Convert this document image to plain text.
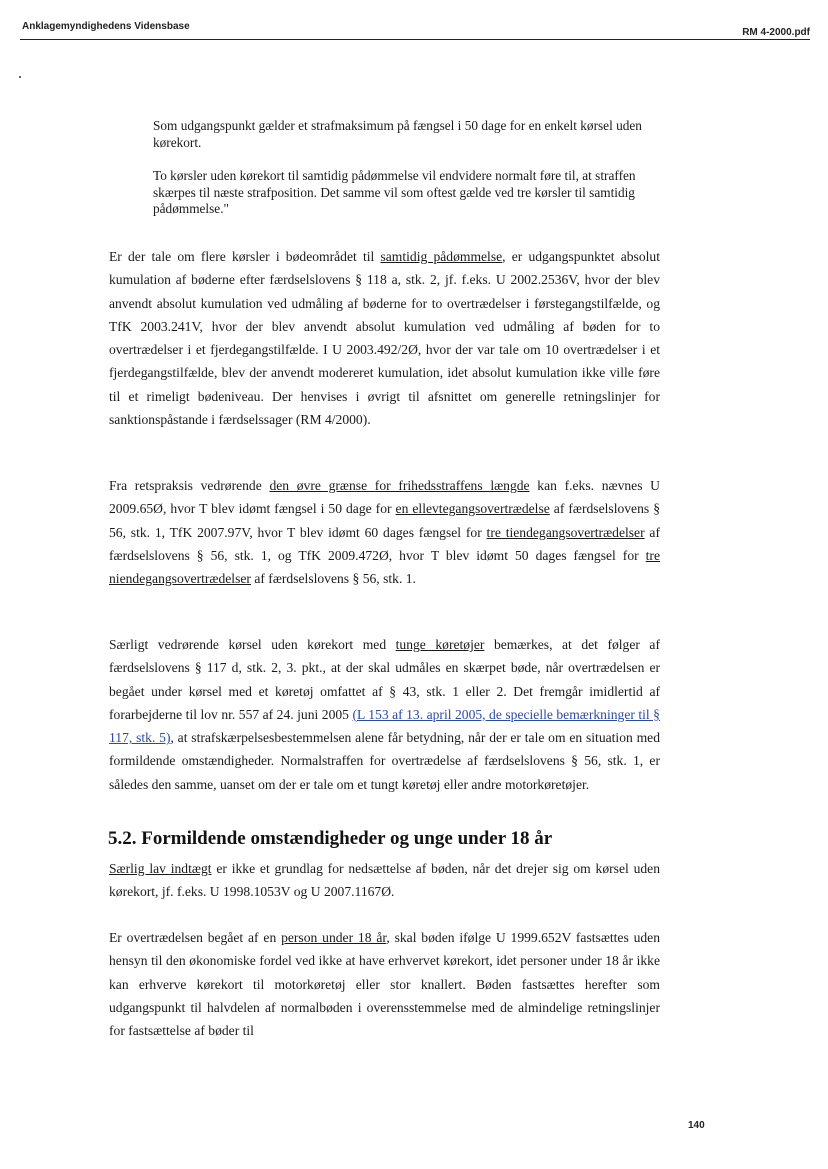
Anklagemyndighedens Vidensbase
RM 4-2000.pdf

Som udgangspunkt gælder et strafmaksimum på fængsel i 50 dage for en enkelt kørsel uden kørekort.

To kørsler uden kørekort til samtidig pådømmelse vil endvidere normalt føre til, at straffen skærpes til næste strafposition. Det samme vil som oftest gælde ved tre kørsler til samtidig pådømmelse."

Er der tale om flere kørsler i bødeområdet til samtidig pådømmelse, er udgangspunktet absolut kumulation af bøderne efter færdselslovens § 118 a, stk. 2, jf. f.eks. U 2002.2536V, hvor der blev anvendt absolut kumulation ved udmåling af bøderne for to overtrædelser i førstegangstilfælde, og TfK 2003.241V, hvor der blev anvendt absolut kumulation ved udmåling af bøden for to overtrædelser i et fjerdegangstilfælde. I U 2003.492/2Ø, hvor der var tale om 10 overtrædelser i et fjerdegangstilfælde, blev der anvendt modereret kumulation, idet absolut kumulation ikke ville føre til et rimeligt bødeniveau. Der henvises i øvrigt til afsnittet om generelle retningslinjer for sanktionspåstande i færdselssager (RM 4/2000).

Fra retspraksis vedrørende den øvre grænse for frihedsstraffens længde kan f.eks. nævnes U 2009.65Ø, hvor T blev idømt fængsel i 50 dage for en ellevtegangsovertrædelse af færdselslovens § 56, stk. 1, TfK 2007.97V, hvor T blev idømt 60 dages fængsel for tre tiendegangsovertrædelser af færdselslovens § 56, stk. 1, og TfK 2009.472Ø, hvor T blev idømt 50 dages fængsel for tre niendegangsovertrædelser af færdselslovens § 56, stk. 1.

Særligt vedrørende kørsel uden kørekort med tunge køretøjer bemærkes, at det følger af færdselslovens § 117 d, stk. 2, 3. pkt., at der skal udmåles en skærpet bøde, når overtrædelsen er begået under kørsel med et køretøj omfattet af § 43, stk. 1 eller 2. Det fremgår imidlertid af forarbejderne til lov nr. 557 af 24. juni 2005 (L 153 af 13. april 2005, de specielle bemærkninger til § 117, stk. 5), at strafskærpelsesbestemmelsen alene får betydning, når der er tale om en situation med formildende omstændigheder. Normalstraffen for overtrædelse af færdselslovens § 56, stk. 1, er således den samme, uanset om der er tale om et tungt køretøj eller andre motorkøretøjer.

5.2. Formildende omstændigheder og unge under 18 år

Særlig lav indtægt er ikke et grundlag for nedsættelse af bøden, når det drejer sig om kørsel uden kørekort, jf. f.eks. U 1998.1053V og U 2007.1167Ø.

Er overtrædelsen begået af en person under 18 år, skal bøden ifølge U 1999.652V fastsættes uden hensyn til den økonomiske fordel ved ikke at have erhvervet kørekort, idet personer under 18 år ikke kan erhverve kørekort til motorkøretøj eller stor knallert. Bøden fastsættes herefter som udgangspunkt til halvdelen af normalbøden i overensstemmelse med de almindelige retningslinjer for fastsættelse af bøder til

140
